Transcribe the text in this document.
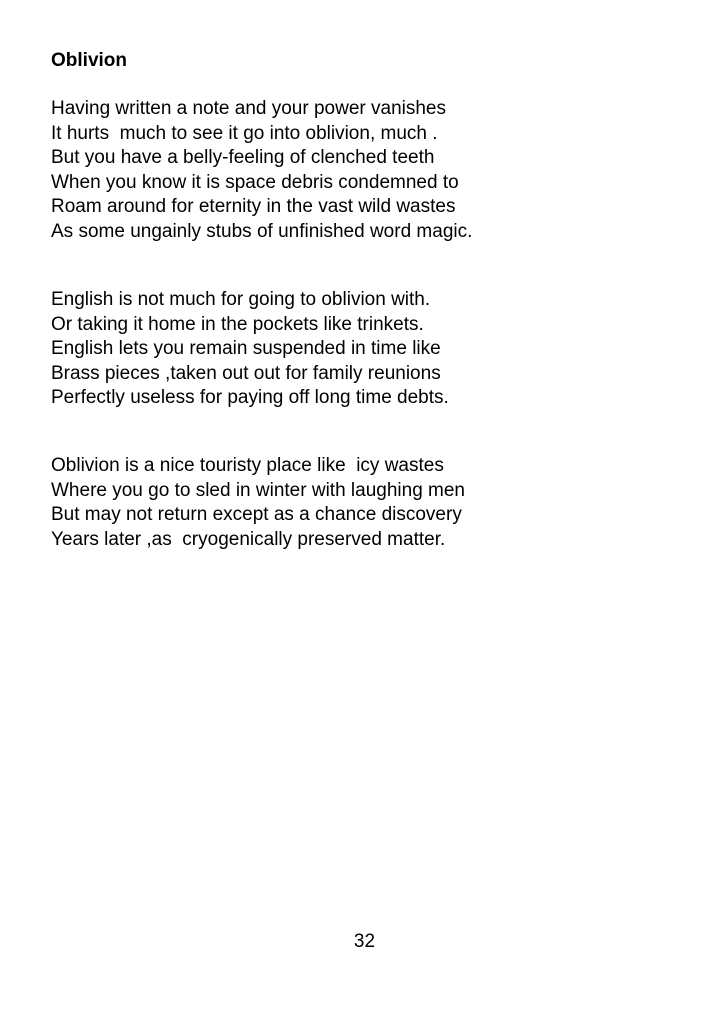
Oblivion
Having written a note and your power vanishes
It hurts  much to see it go into oblivion, much .
But you have a belly-feeling of clenched teeth
When you know it is space debris condemned to
Roam around for eternity in the vast wild wastes
As some ungainly stubs of unfinished word magic.
English is not much for going to oblivion with.
Or taking it home in the pockets like trinkets.
English lets you remain suspended in time like
Brass pieces ,taken out out for family reunions
Perfectly useless for paying off long time debts.
Oblivion is a nice touristy place like  icy wastes
Where you go to sled in winter with laughing men
But may not return except as a chance discovery
Years later ,as  cryogenically preserved matter.
32
